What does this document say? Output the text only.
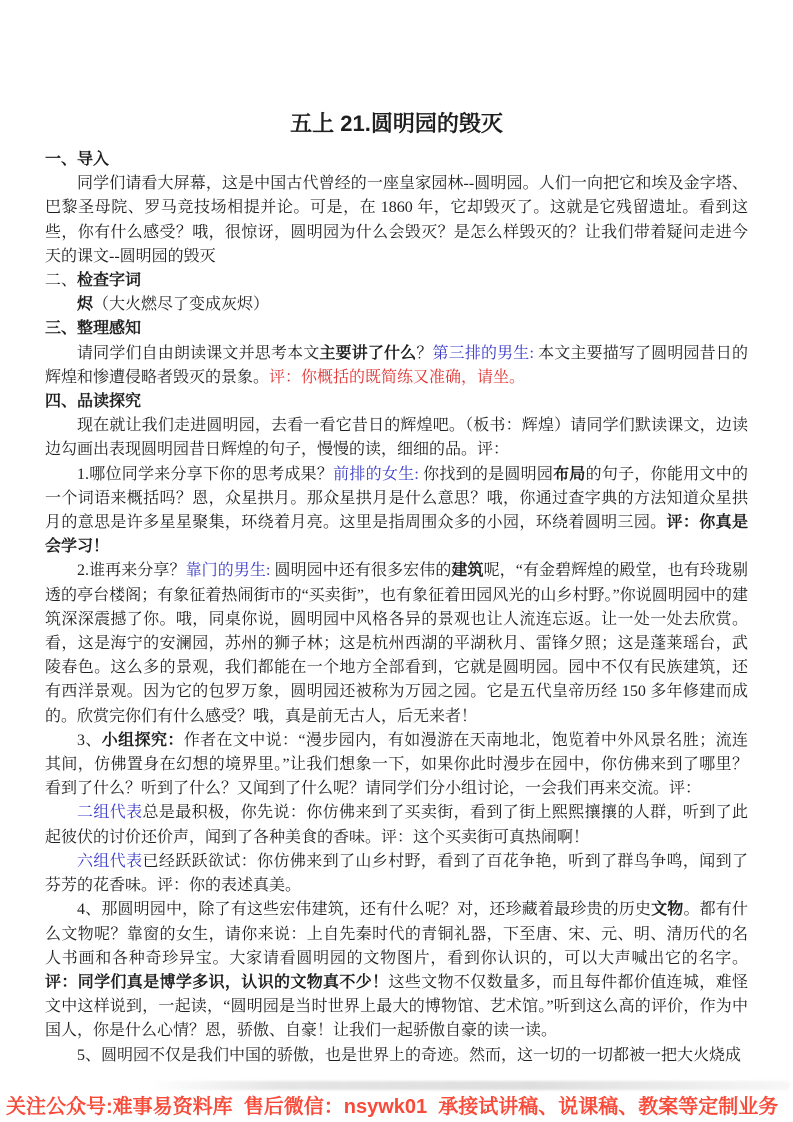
五上 21.圆明园的毁灭

一、导入

同学们请看大屏幕，这是中国古代曾经的一座皇家园林--圆明园。人们一向把它和埃及金字塔、巴黎圣母院、罗马竞技场相提并论。可是，在 1860 年，它却毁灭了。这就是它残留遗址。看到这些，你有什么感受？哦，很惊讶，圆明园为什么会毁灭？是怎么样毁灭的？让我们带着疑问走进今天的课文--圆明园的毁灭

二、检查字词

烬（大火燃尽了变成灰烬）

三、整理感知

请同学们自由朗读课文并思考本文主要讲了什么？第三排的男生: 本文主要描写了圆明园昔日的辉煌和惨遭侵略者毁灭的景象。评：你概括的既简练又准确，请坐。

四、品读探究

现在就让我们走进圆明园，去看一看它昔日的辉煌吧。（板书：辉煌）请同学们默读课文，边读边勾画出表现圆明园昔日辉煌的句子，慢慢的读，细细的品。评：

1.哪位同学来分享下你的思考成果？前排的女生: 你找到的是圆明园布局的句子，你能用文中的一个词语来概括吗？恩，众星拱月。那众星拱月是什么意思？哦，你通过查字典的方法知道众星拱月的意思是许多星星聚集，环绕着月亮。这里是指周围众多的小园，环绕着圆明三园。评：你真是会学习！

2.谁再来分享？靠门的男生: 圆明园中还有很多宏伟的建筑呢，“有金碧辉煌的殿堂，也有玲珑剔透的亭台楼阁；有象征着热闹街市的“买卖街”，也有象征着田园风光的山乡村野。”你说圆明园中的建筑深深震撼了你。哦，同桌你说，圆明园中风格各异的景观也让人流连忘返。让一处一处去欣赏。看，这是海宁的安澜园，苏州的狮子林；这是杭州西湖的平湖秋月、雷锋夕照；这是蓬莱瑶台，武陵春色。这么多的景观，我们都能在一个地方全部看到，它就是圆明园。园中不仅有民族建筑，还有西洋景观。因为它的包罗万象，圆明园还被称为万园之园。它是五代皇帝历经 150 多年修建而成的。欣赏完你们有什么感受？哦，真是前无古人，后无来者！

3、小组探究：作者在文中说：“漫步园内，有如漫游在天南地北，饱览着中外风景名胜；流连其间，仿佛置身在幻想的境界里。”让我们想象一下，如果你此时漫步在园中，你仿佛来到了哪里？看到了什么？听到了什么？又闻到了什么呢？请同学们分小组讨论，一会我们再来交流。评：

二组代表总是最积极，你先说：你仿佛来到了买卖街，看到了街上熙熙攘攘的人群，听到了此起彼伏的讨价还价声，闻到了各种美食的香味。评：这个买卖街可真热闹啊！

六组代表已经跃跃欲试：你仿佛来到了山乡村野，看到了百花争艳，听到了群鸟争鸣，闻到了芬芳的花香味。评：你的表述真美。

4、那圆明园中，除了有这些宏伟建筑，还有什么呢？对，还珍藏着最珍贵的历史文物。都有什么文物呢？靠窗的女生，请你来说：上自先秦时代的青铜礼器，下至唐、宋、元、明、清历代的名人书画和各种奇珍异宝。大家请看圆明园的文物图片，看到你认识的，可以大声喊出它的名字。评：同学们真是博学多识，认识的文物真不少！这些文物不仅数量多，而且每件都价值连城，难怪文中这样说到，一起读，“圆明园是当时世界上最大的博物馆、艺术馆。”听到这么高的评价，作为中国人，你是什么心情？恩，骄傲、自豪！让我们一起骄傲自豪的读一读。

5、圆明园不仅是我们中国的骄傲，也是世界上的奇迹。然而，这一切的一切都被一把大火烧成

关注公众号:难事易资料库  售后微信：nsywk01  承接试讲稿、说课稿、教案等定制业务
